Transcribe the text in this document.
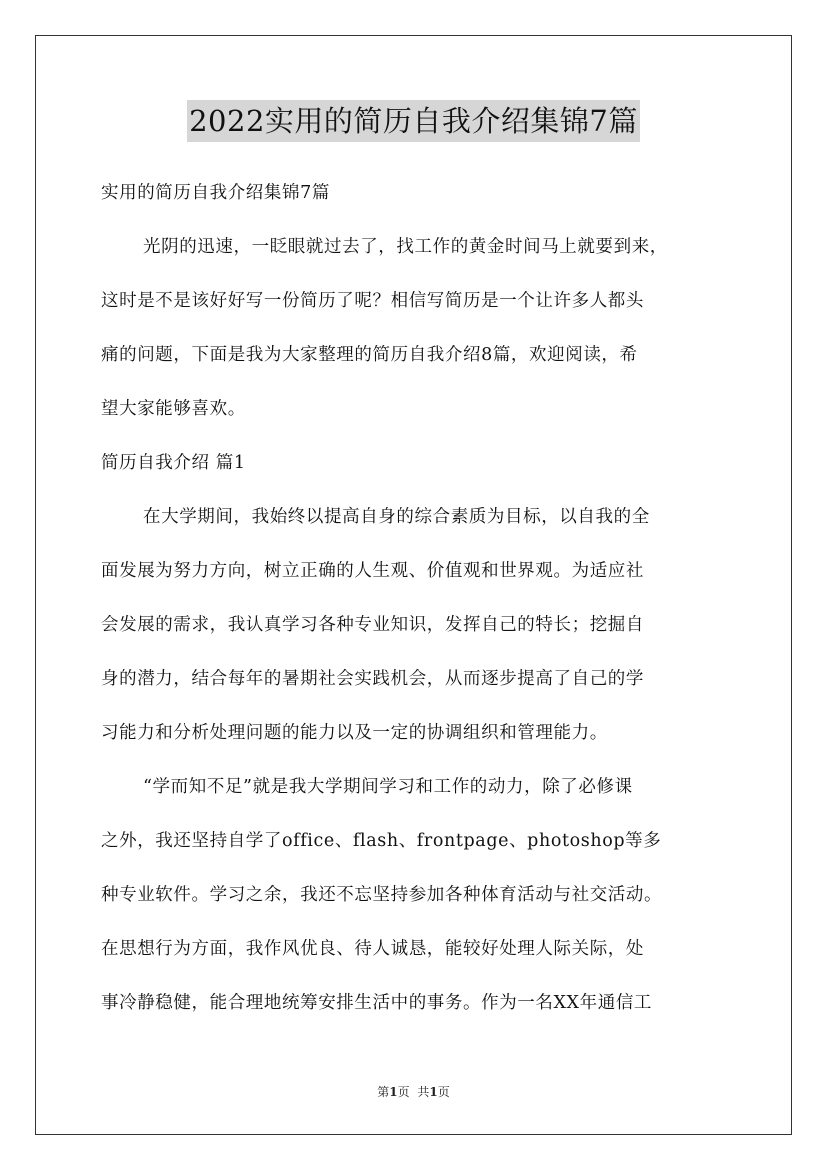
2022实用的简历自我介绍集锦7篇
实用的简历自我介绍集锦7篇
光阴的迅速，一眨眼就过去了，找工作的黄金时间马上就要到来，
这时是不是该好好写一份简历了呢？相信写简历是一个让许多人都头
痛的问题，下面是我为大家整理的简历自我介绍8篇，欢迎阅读，希
望大家能够喜欢。
简历自我介绍 篇1
在大学期间，我始终以提高自身的综合素质为目标，以自我的全
面发展为努力方向，树立正确的人生观、价值观和世界观。为适应社
会发展的需求，我认真学习各种专业知识，发挥自己的特长；挖掘自
身的潜力，结合每年的暑期社会实践机会，从而逐步提高了自己的学
习能力和分析处理问题的能力以及一定的协调组织和管理能力。
“学而知不足”就是我大学期间学习和工作的动力，除了必修课
之外，我还坚持自学了office、flash、frontpage、photoshop等多
种专业软件。学习之余，我还不忘坚持参加各种体育活动与社交活动。
在思想行为方面，我作风优良、待人诚恳，能较好处理人际关际，处
事冷静稳健，能合理地统筹安排生活中的事务。作为一名XX年通信工
第1页 共1页
